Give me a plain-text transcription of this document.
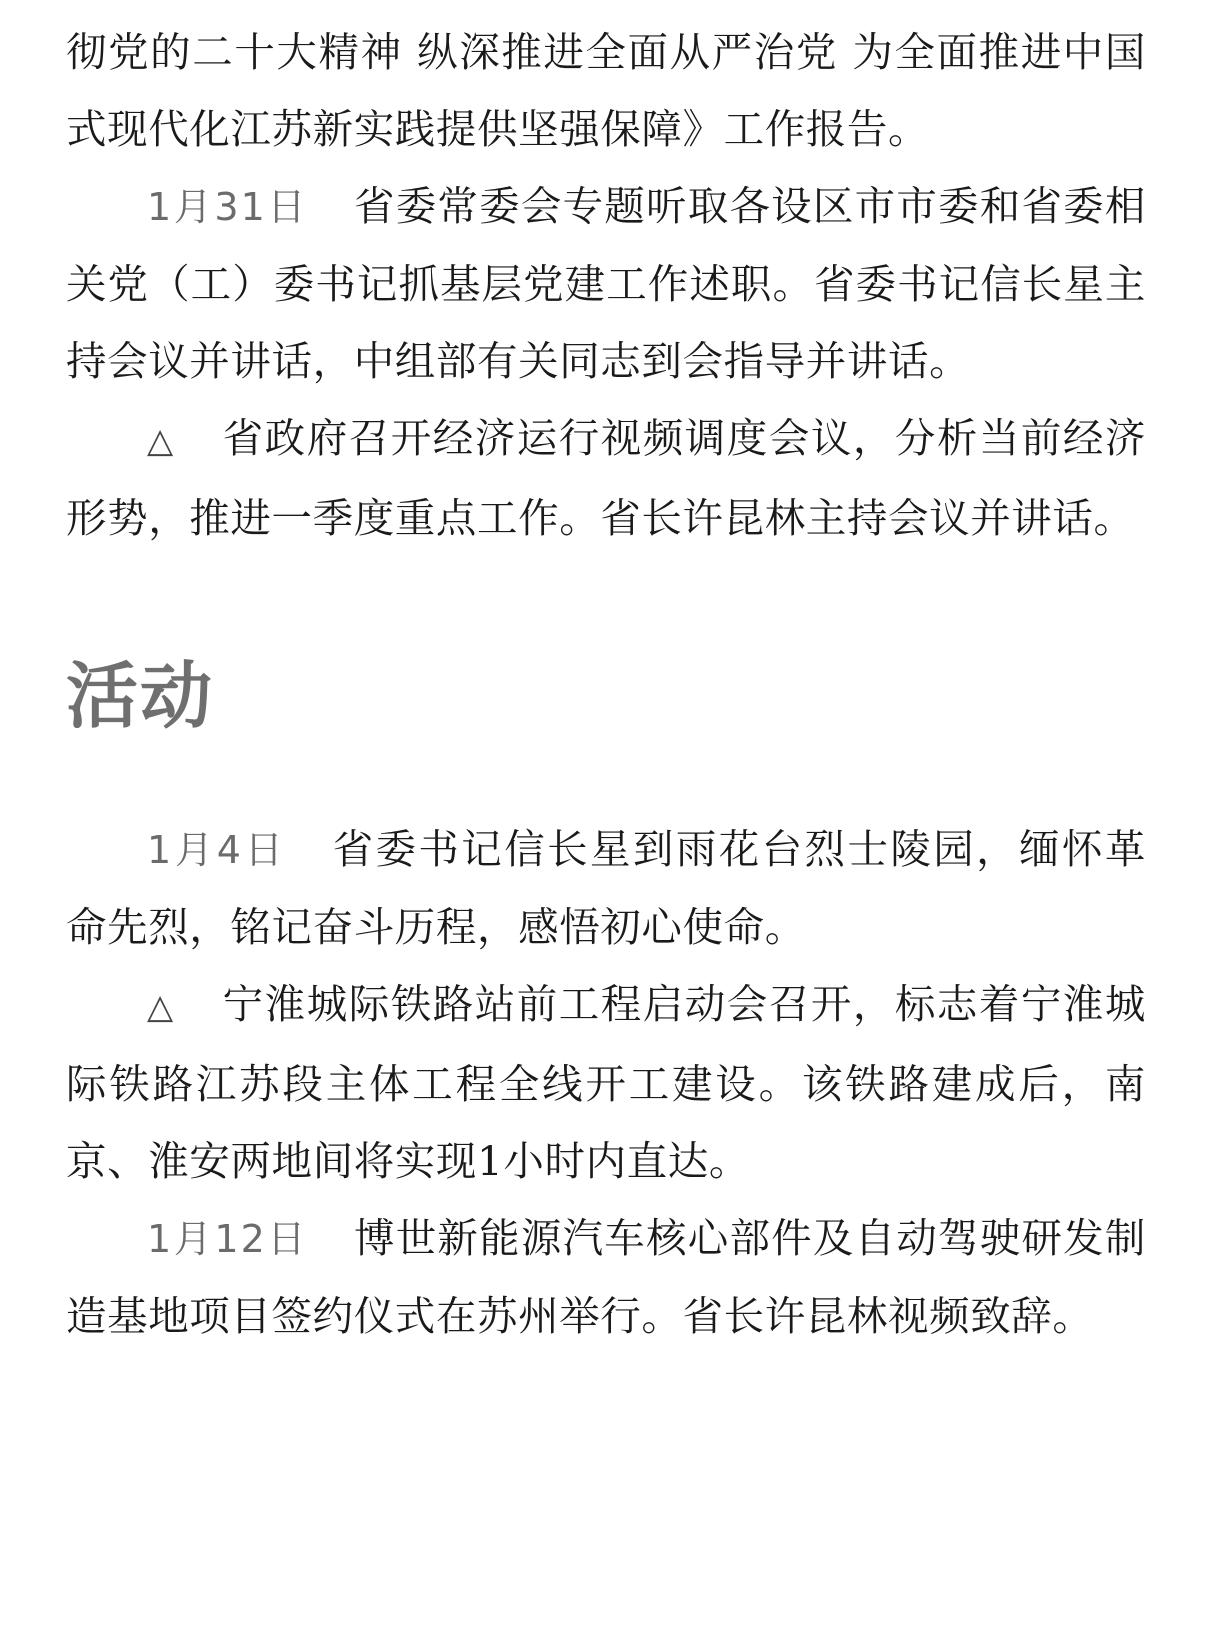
彻党的二十大精神 纵深推进全面从严治党 为全面推进中国式现代化江苏新实践提供坚强保障》工作报告。

1月31日 省委常委会专题听取各设区市市委和省委相关党（工）委书记抓基层党建工作述职。省委书记信长星主持会议并讲话，中组部有关同志到会指导并讲话。

△ 省政府召开经济运行视频调度会议，分析当前经济形势，推进一季度重点工作。省长许昆林主持会议并讲话。

活动

1月4日 省委书记信长星到雨花台烈士陵园，缅怀革命先烈，铭记奋斗历程，感悟初心使命。

△ 宁淮城际铁路站前工程启动会召开，标志着宁淮城际铁路江苏段主体工程全线开工建设。该铁路建成后，南京、淮安两地间将实现1小时内直达。

1月12日 博世新能源汽车核心部件及自动驾驶研发制造基地项目签约仪式在苏州举行。省长许昆林视频致辞。
